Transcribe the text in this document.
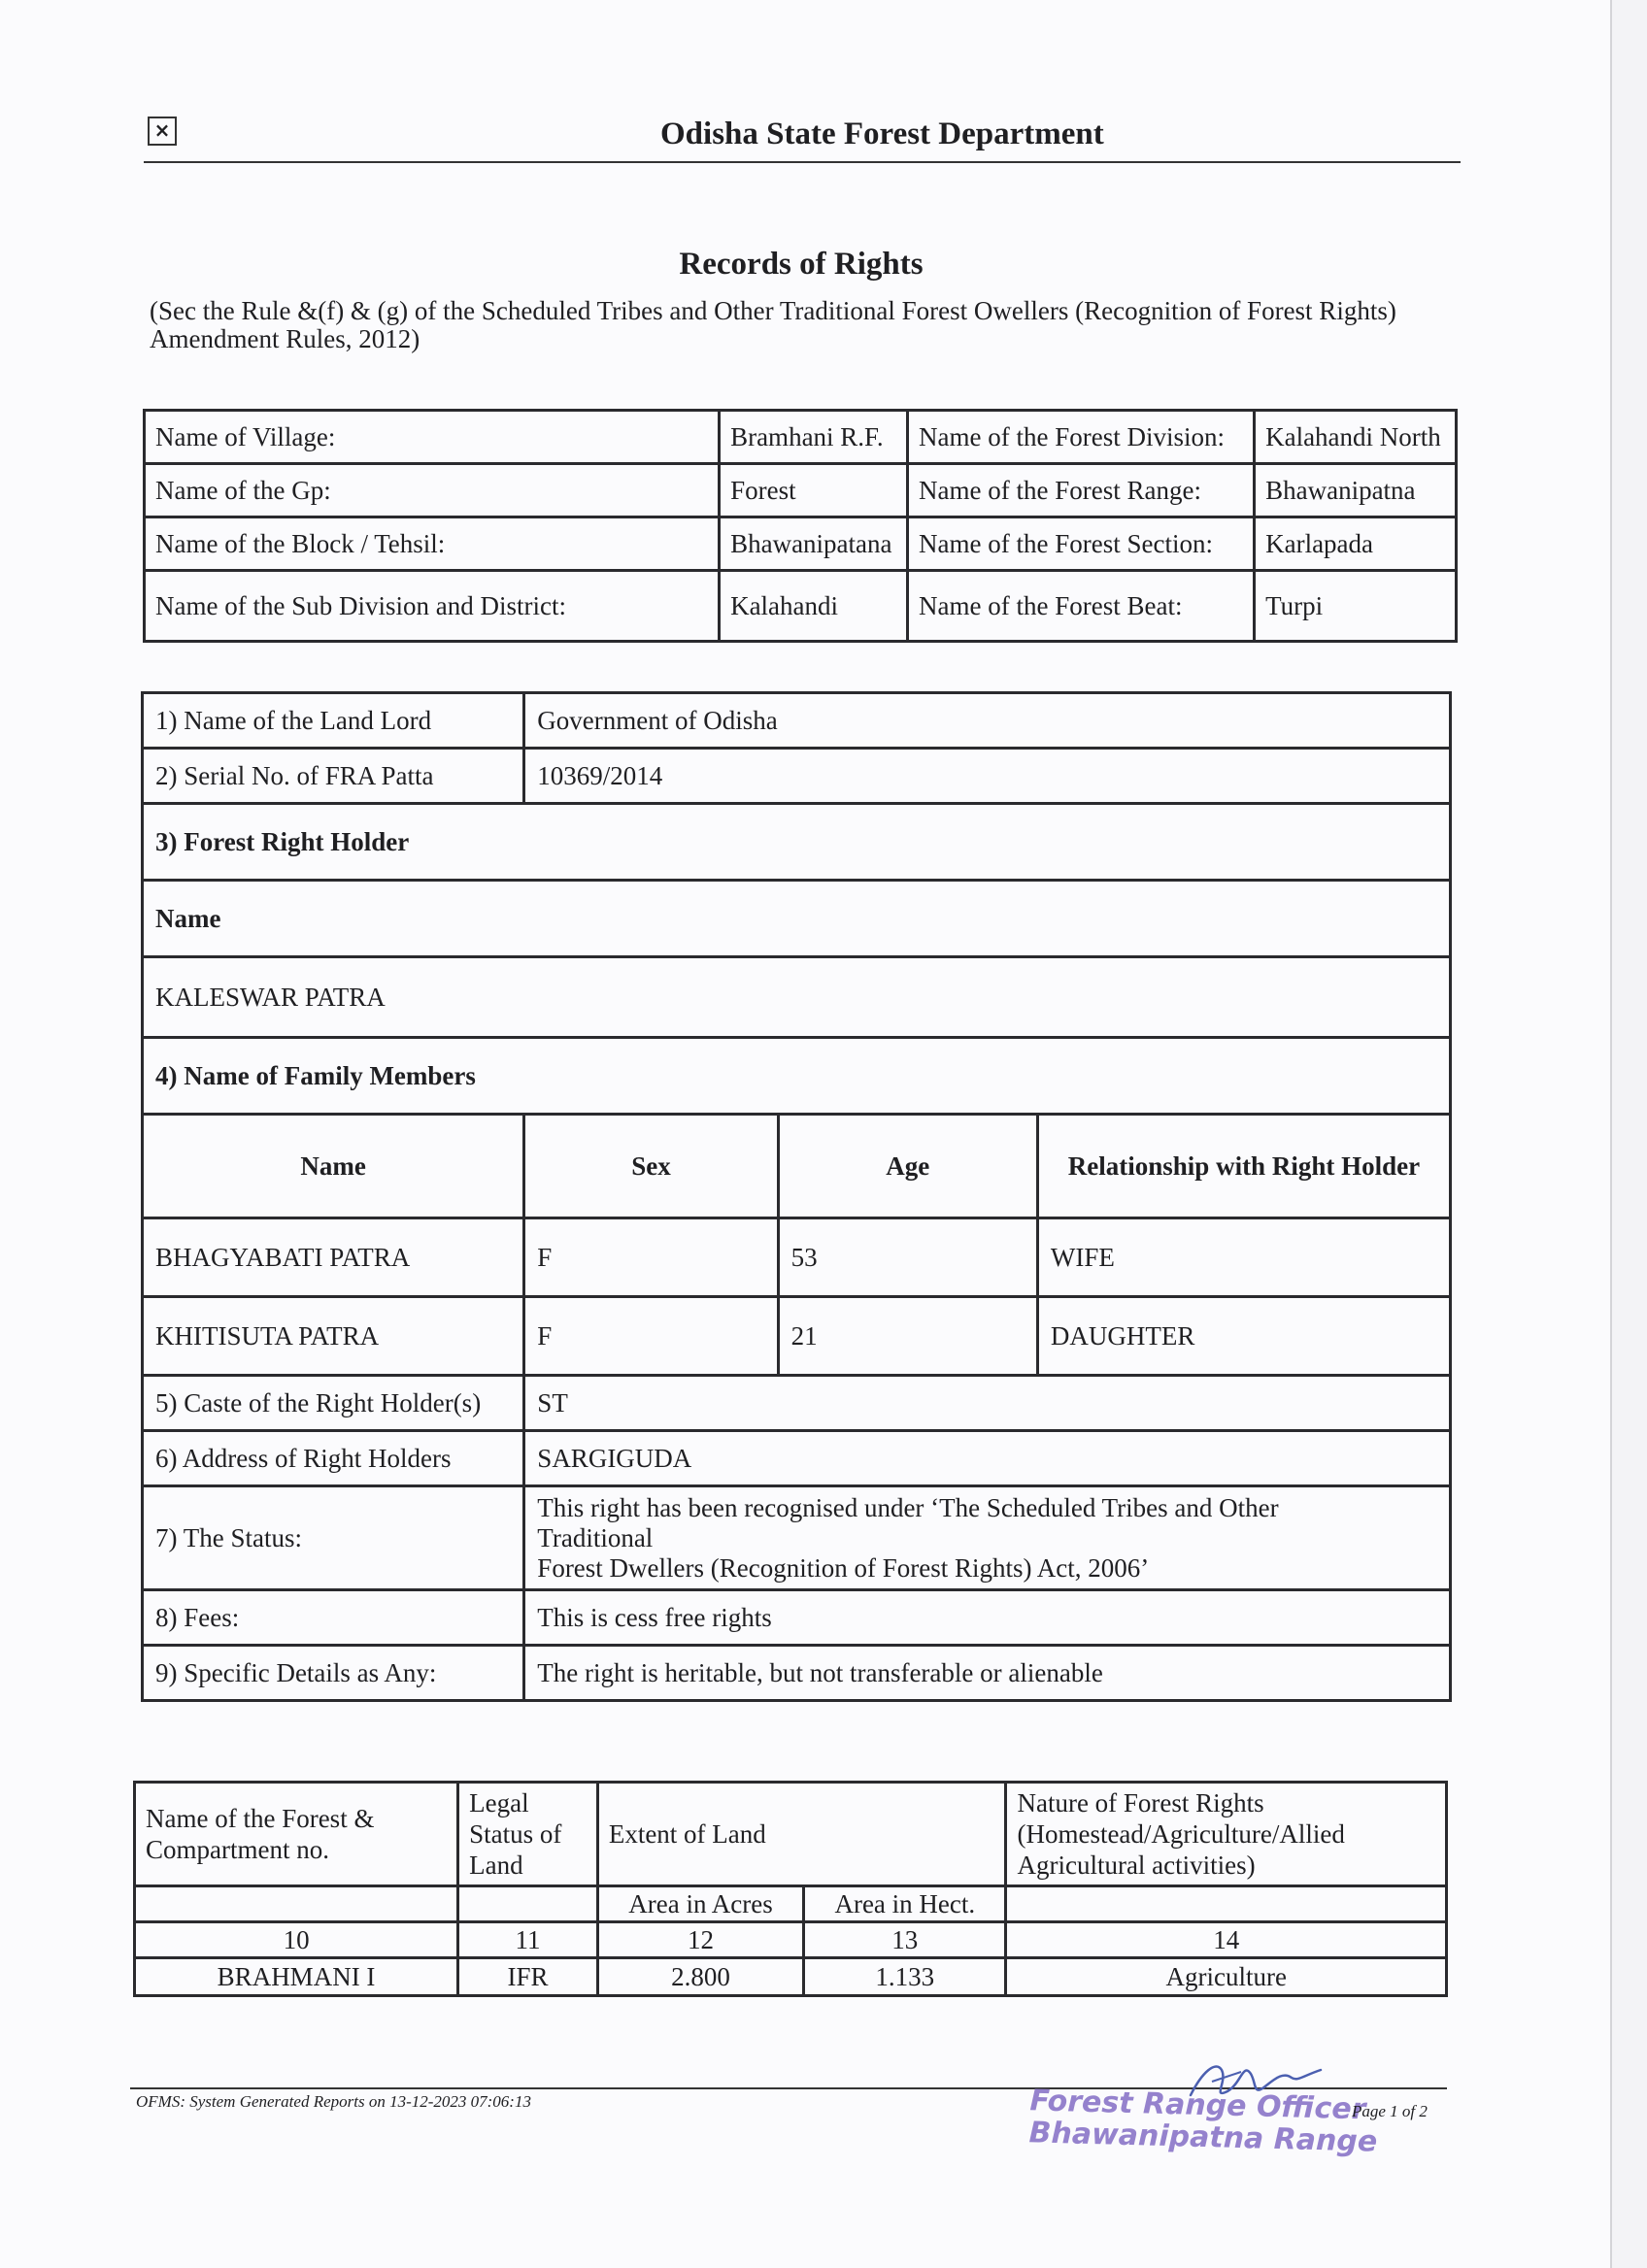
×	Odisha State Forest Department
Records of Rights
(Sec the Rule &(f) & (g) of the Scheduled Tribes and Other Traditional Forest Owellers (Recognition of Forest Rights) Amendment Rules, 2012)
Name of Village:	Bramhani R.F.	Name of the Forest Division:	Kalahandi North
Name of the Gp:	Forest	Name of the Forest Range:	Bhawanipatna
Name of the Block / Tehsil:	Bhawanipatana	Name of the Forest Section:	Karlapada
Name of the Sub Division and District:	Kalahandi	Name of the Forest Beat:	Turpi
1) Name of the Land Lord	Government of Odisha		
2) Serial No. of FRA Patta	10369/2014		
3) Forest Right Holder			
Name			
KALESWAR PATRA			
4) Name of Family Members			
Name	Sex	Age	Relationship with Right Holder
BHAGYABATI PATRA	F	53	WIFE
KHITISUTA PATRA	F	21	DAUGHTER
5) Caste of the Right Holder(s)	ST		
6) Address of Right Holders	SARGIGUDA		
7) The Status:	This right has been recognised under ‘The Scheduled Tribes and Other
Traditional
Forest Dwellers (Recognition of Forest Rights) Act, 2006’		

8) Fees:	This is cess free rights		
9) Specific Details as Any:	The right is heritable, but not transferable or alienable		
Name of the Forest & Compartment no.	Legal Status of Land	Extent of Land		Nature of Forest Rights (Homestead/Agriculture/Allied Agricultural activities)
		Area in Acres	Area in Hect.	
10	11	12	13	14
BRAHMANI I	IFR	2.800	1.133	Agriculture
OFMS: System Generated Reports on 13-12-2023 07:06:13	Forest Range Officer
Bhawanipatna Range
Page 1 of 2
